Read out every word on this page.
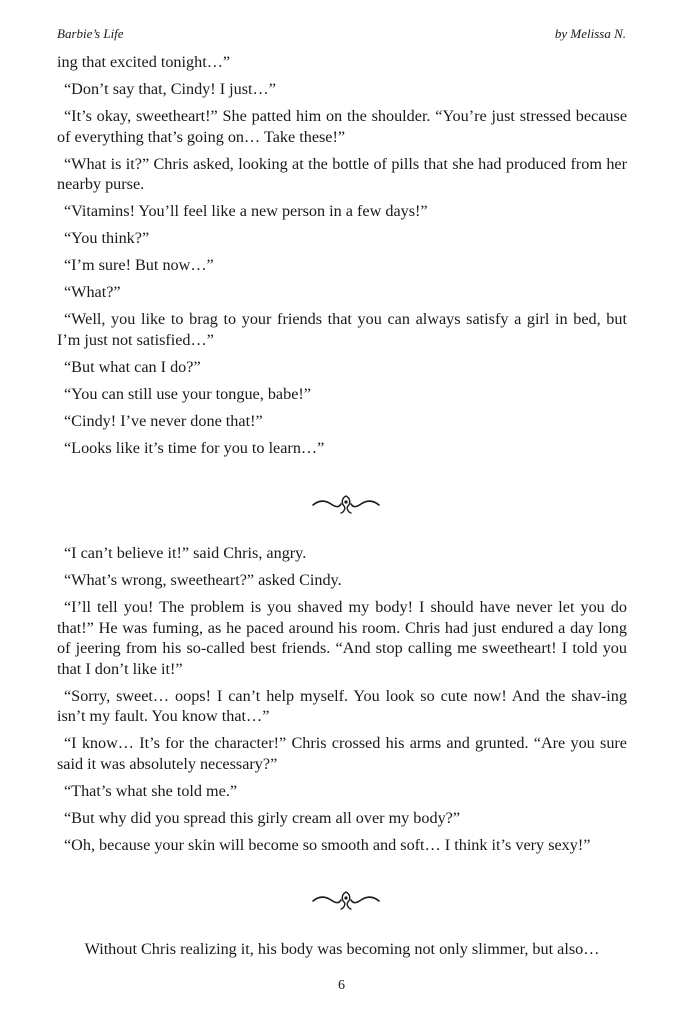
Barbie’s Life	by Melissa N.

ing that excited tonight…”

“Don’t say that, Cindy! I just…”

“It’s okay, sweetheart!” She patted him on the shoulder. “You’re just stressed because of everything that’s going on… Take these!”

“What is it?” Chris asked, looking at the bottle of pills that she had produced from her nearby purse.

“Vitamins! You’ll feel like a new person in a few days!”

“You think?”

“I’m sure! But now…”

“What?”

“Well, you like to brag to your friends that you can always satisfy a girl in bed, but I’m just not satisfied…”

“But what can I do?”

“You can still use your tongue, babe!”

“Cindy! I’ve never done that!”

“Looks like it’s time for you to learn…”

“I can’t believe it!” said Chris, angry.

“What’s wrong, sweetheart?” asked Cindy.

“I’ll tell you! The problem is you shaved my body! I should have never let you do that!” He was fuming, as he paced around his room. Chris had just endured a day long of jeering from his so-called best friends. “And stop calling me sweetheart! I told you that I don’t like it!”

“Sorry, sweet… oops! I can’t help myself. You look so cute now! And the shav-ing isn’t my fault. You know that…”

“I know… It’s for the character!” Chris crossed his arms and grunted. “Are you sure said it was absolutely necessary?”

“That’s what she told me.”

“But why did you spread this girly cream all over my body?”

“Oh, because your skin will become so smooth and soft… I think it’s very sexy!”

Without Chris realizing it, his body was becoming not only slimmer, but also…

6
